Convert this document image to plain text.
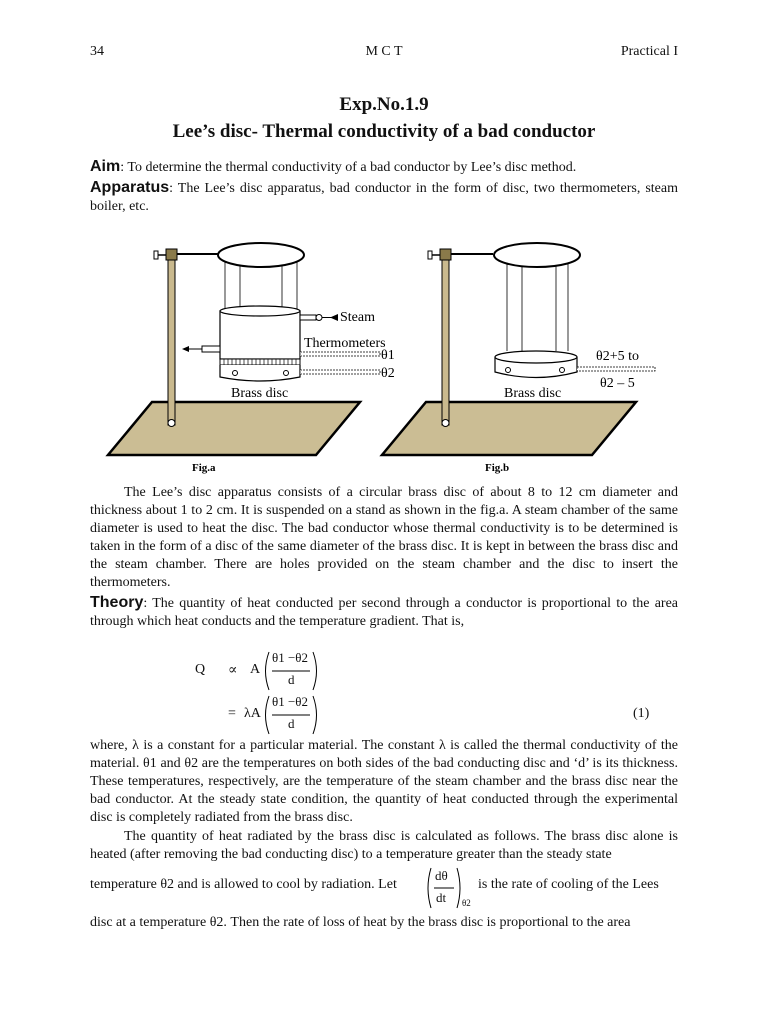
34	M C T	Practical I
Exp.No.1.9
Lee’s disc- Thermal conductivity of a bad conductor

Aim: To determine the thermal conductivity of a bad conductor by Lee’s disc method.

Apparatus: The Lee’s disc apparatus, bad conductor in the form of disc, two thermometers, steam boiler, etc.

Steam
Thermometers
θ1
θ2
Brass disc
Fig.a
θ2+5 to
θ2 – 5
Brass disc
Fig.b

The Lee’s disc apparatus consists of a circular brass disc of about 8 to 12 cm diameter and thickness about 1 to 2 cm. It is suspended on a stand as shown in the fig.a. A steam chamber of the same diameter is used to heat the disc. The bad conductor whose thermal conductivity is to be determined is taken in the form of a disc of the same diameter of the brass disc. It is kept in between the brass disc and the steam chamber. There are holes provided on the steam chamber and the disc to insert the thermometers.

Theory: The quantity of heat conducted per second through a conductor is proportional to the area through which heat conducts and the temperature gradient. That is,

Q ∝ A
θ1 −θ2
d
= λA
θ1 −θ2
d
(1)

where, λ is a constant for a particular material. The constant λ is called the thermal conductivity of the material. θ1 and θ2 are the temperatures on both sides of the bad conducting disc and ‘d’ is its thickness. These temperatures, respectively, are the temperature of the steam chamber and the brass disc near the bad conductor. At the steady state condition, the quantity of heat conducted through the experimental disc is completely radiated from the brass disc.

The quantity of heat radiated by the brass disc is calculated as follows. The brass disc alone is heated (after removing the bad conducting disc) to a temperature greater than the steady state

temperature θ2 and is allowed to cool by radiation. Let
dθ
dt θ2
is the rate of cooling of the Lees

disc at a temperature θ2. Then the rate of loss of heat by the brass disc is proportional to the area
